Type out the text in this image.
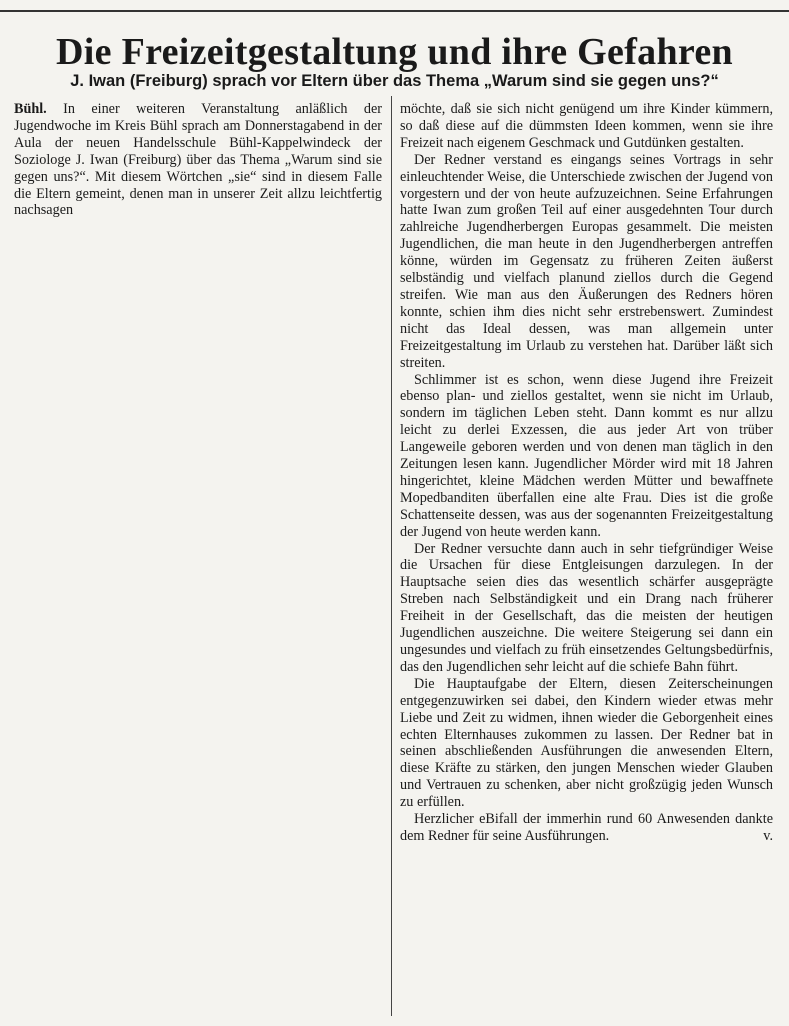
Die Freizeitgestaltung und ihre Gefahren
J. Iwan (Freiburg) sprach vor Eltern über das Thema „Warum sind sie gegen uns?“

Bühl. In einer weiteren Veranstaltung anläßlich der Jugendwoche im Kreis Bühl sprach am Donnerstagabend in der Aula der neuen Handelsschule Bühl-Kappelwindeck der Soziologe J. Iwan (Freiburg) über das Thema „Warum sind sie gegen uns?“. Mit diesem Wörtchen „sie“ sind in diesem Falle die Eltern gemeint, denen man in unserer Zeit allzu leichtfertig nachsagen

möchte, daß sie sich nicht genügend um ihre Kinder kümmern, so daß diese auf die dümmsten Ideen kommen, wenn sie ihre Freizeit nach eigenem Geschmack und Gutdünken gestalten.

Der Redner verstand es eingangs seines Vortrags in sehr einleuchtender Weise, die Unterschiede zwischen der Jugend von vorgestern und der von heute aufzuzeichnen. Seine Erfahrungen hatte Iwan zum großen Teil auf einer ausgedehnten Tour durch zahlreiche Jugendherbergen Europas gesammelt. Die meisten Jugendlichen, die man heute in den Jugendherbergen antreffen könne, würden im Gegensatz zu früheren Zeiten äußerst selbständig und vielfach planund ziellos durch die Gegend streifen. Wie man aus den Äußerungen des Redners hören konnte, schien ihm dies nicht sehr erstrebenswert. Zumindest nicht das Ideal dessen, was man allgemein unter Freizeitgestaltung im Urlaub zu verstehen hat. Darüber läßt sich streiten.

Schlimmer ist es schon, wenn diese Jugend ihre Freizeit ebenso plan- und ziellos gestaltet, wenn sie nicht im Urlaub, sondern im täglichen Leben steht. Dann kommt es nur allzu leicht zu derlei Exzessen, die aus jeder Art von trüber Langeweile geboren werden und von denen man täglich in den Zeitungen lesen kann. Jugendlicher Mörder wird mit 18 Jahren hingerichtet, kleine Mädchen werden Mütter und bewaffnete Mopedbanditen überfallen eine alte Frau. Dies ist die große Schattenseite dessen, was aus der sogenannten Freizeitgestaltung der Jugend von heute werden kann.

Der Redner versuchte dann auch in sehr tiefgründiger Weise die Ursachen für diese Entgleisungen darzulegen. In der Hauptsache seien dies das wesentlich schärfer ausgeprägte Streben nach Selbständigkeit und ein Drang nach früherer Freiheit in der Gesellschaft, das die meisten der heutigen Jugendlichen auszeichne. Die weitere Steigerung sei dann ein ungesundes und vielfach zu früh einsetzendes Geltungsbedürfnis, das den Jugendlichen sehr leicht auf die schiefe Bahn führt.

Die Hauptaufgabe der Eltern, diesen Zeiterscheinungen entgegenzuwirken sei dabei, den Kindern wieder etwas mehr Liebe und Zeit zu widmen, ihnen wieder die Geborgenheit eines echten Elternhauses zukommen zu lassen. Der Redner bat in seinen abschließenden Ausführungen die anwesenden Eltern, diese Kräfte zu stärken, den jungen Menschen wieder Glauben und Vertrauen zu schenken, aber nicht großzügig jeden Wunsch zu erfüllen.

Herzlicher eBifall der immerhin rund 60 Anwesenden dankte dem Redner für seine Ausführungen.	v.
